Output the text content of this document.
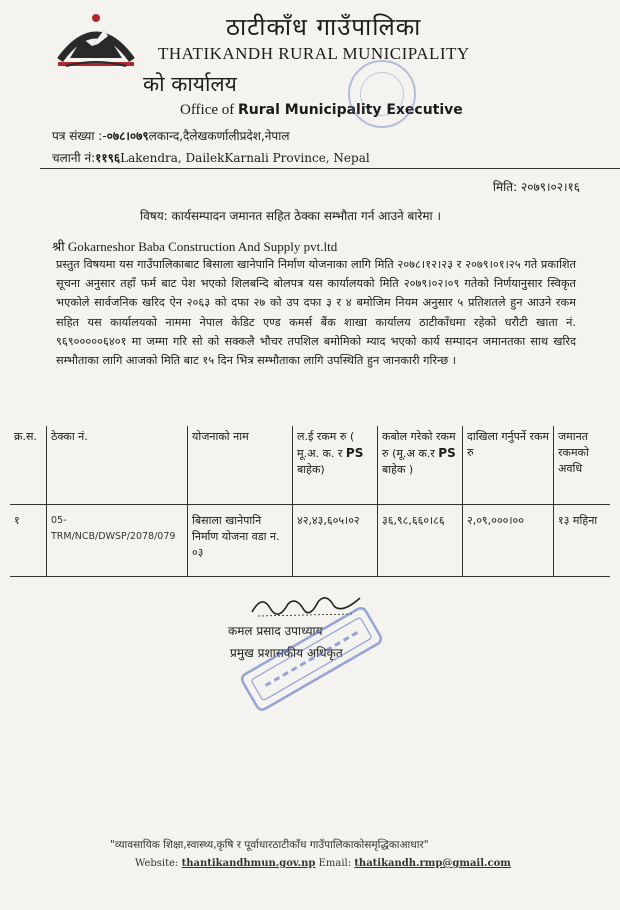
ठाटीकाँध गाउँपालिका
THATIKANDH RURAL MUNICIPALITY
को कार्यालय
Office of Rural Municipality Executive
पत्र संख्या :-०७८।०७९लकान्द,दैलेखकर्णालीप्रदेश,नेपाल
चलानी नं:११९६Lakendra, DailekKarnali Province, Nepal
मिति: २०७९।०२।१६
विषय: कार्यसम्पादन जमानत सहित ठेक्का सम्भौता गर्न आउने बारेमा ।
श्री Gokarneshor Baba Construction And Supply pvt.ltd
प्रस्तुत विषयमा यस गाउँपालिकाबाट बिसाला खानेपानि निर्माण योजनाका लागि मिति २०७८।१२।२३ र २०७९।०१।२५ गते प्रकाशित सूचना अनुसार तहाँ फर्म बाट पेश भएको शिलबन्दि बोलपत्र यस कार्यालयको मिति २०७९।०२।०९ गतेको निर्णयानुसार स्विकृत भएकोले सार्वजनिक खरिद ऐन २०६३ को दफा २७ को उप दफा ३ र ४ बमोजिम नियम अनुसार ५ प्रतिशतले हुन आउने रकम सहित यस कार्यालयको नाममा नेपाल केडिट एण्ड कमर्स बैंक शाखा कार्यालय ठाटीकाँधमा रहेको धरौटी खाता नं. ९६९०००००६४०१ मा जम्मा गरि सो को सक्कलै भौचर तपशिल बमोमिको म्याद भएको कार्य सम्पादन जमानतका साथ खरिद सम्भौताका लागि आजको मिति बाट १५ दिन भित्र सम्भौताका लागि उपस्थिति हुन जानकारी गरिन्छ ।
क्र.स.	ठेक्का नं.	योजनाको नाम	ल.ई रकम रु ( मू.अ. क. र PS बाहेक)	कबोल गरेको रकम रु (मू.अ क.र PS बाहेक )	दाखिला गर्नुपर्ने रकम रु	जमानत रकमको अवधि
१	05-TRM/NCB/DWSP/2078/079	बिसाला खानेपानि निर्माण योजना वडा न. ०३	४२,४३,६०५।०२	३६,९८,६६०।८६	२,०९,०००।००	१३ महिना
कमल प्रसाद उपाध्याय
प्रमुख प्रशासकीय अधिकृत
"व्यावसायिक शिक्षा,स्वास्थ्य,कृषि र पूर्वाधारठाटीकाँध गाउँपालिकाकोसमृद्धिकाआधार"
Website: thantikandhmun.gov.np Email: thatikandh.rmp@gmail.com
